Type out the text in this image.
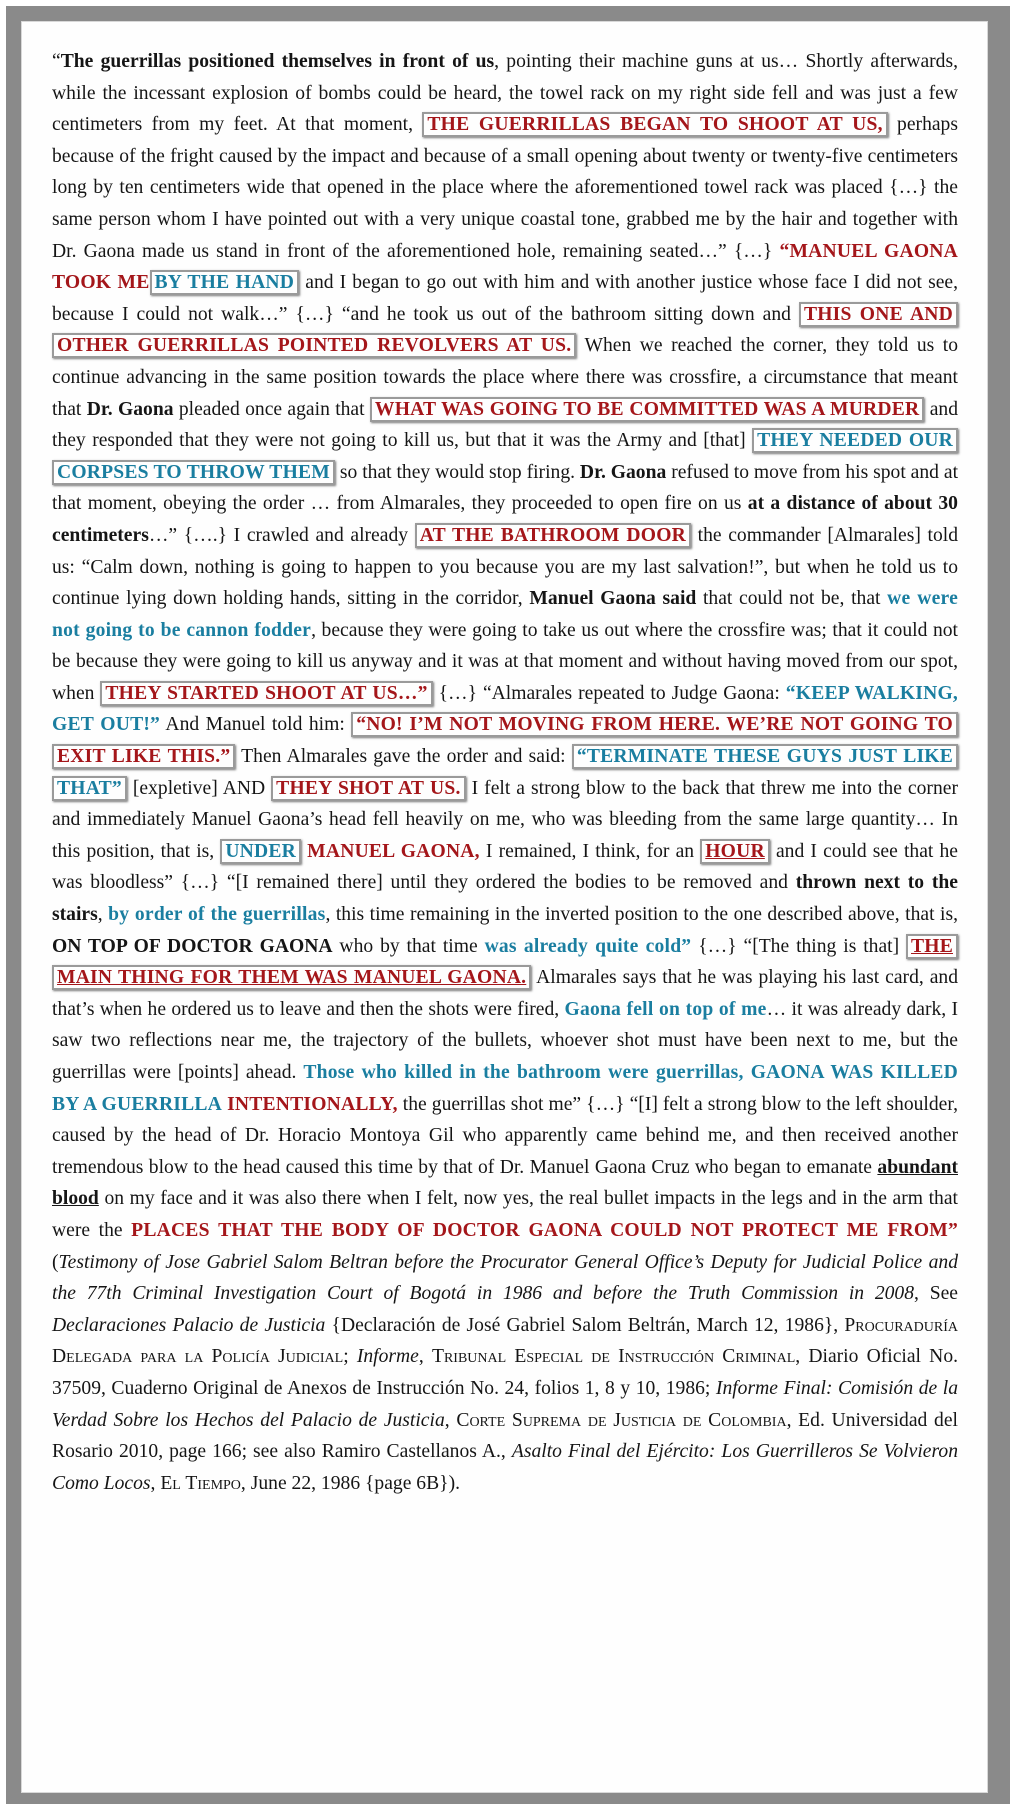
“The guerrillas positioned themselves in front of us, pointing their machine guns at us… Shortly afterwards, while the incessant explosion of bombs could be heard, the towel rack on my right side fell and was just a few centimeters from my feet. At that moment, THE GUERRILLAS BEGAN TO SHOOT AT US, perhaps because of the fright caused by the impact and because of a small opening about twenty or twenty-five centimeters long by ten centimeters wide that opened in the place where the aforementioned towel rack was placed {…} the same person whom I have pointed out with a very unique coastal tone, grabbed me by the hair and together with Dr. Gaona made us stand in front of the aforementioned hole, remaining seated…” {…} “MANUEL GAONA TOOK ME BY THE HAND and I began to go out with him and with another justice whose face I did not see, because I could not walk…” {…} “and he took us out of the bathroom sitting down and THIS ONE AND OTHER GUERRILLAS POINTED REVOLVERS AT US. When we reached the corner, they told us to continue advancing in the same position towards the place where there was crossfire, a circumstance that meant that Dr. Gaona pleaded once again that WHAT WAS GOING TO BE COMMITTED WAS A MURDER and they responded that they were not going to kill us, but that it was the Army and [that] THEY NEEDED OUR CORPSES TO THROW THEM so that they would stop firing. Dr. Gaona refused to move from his spot and at that moment, obeying the order … from Almarales, they proceeded to open fire on us at a distance of about 30 centimeters…” {….} I crawled and already AT THE BATHROOM DOOR the commander [Almarales] told us: “Calm down, nothing is going to happen to you because you are my last salvation!”, but when he told us to continue lying down holding hands, sitting in the corridor, Manuel Gaona said that could not be, that we were not going to be cannon fodder, because they were going to take us out where the crossfire was; that it could not be because they were going to kill us anyway and it was at that moment and without having moved from our spot, when THEY STARTED SHOOT AT US…” {…} “Almarales repeated to Judge Gaona: “KEEP WALKING, GET OUT!” And Manuel told him: “NO! I’M NOT MOVING FROM HERE. WE’RE NOT GOING TO EXIT LIKE THIS.” Then Almarales gave the order and said: “TERMINATE THESE GUYS JUST LIKE THAT” [expletive] AND THEY SHOT AT US. I felt a strong blow to the back that threw me into the corner and immediately Manuel Gaona’s head fell heavily on me, who was bleeding from the same large quantity… In this position, that is, UNDER MANUEL GAONA, I remained, I think, for an HOUR and I could see that he was bloodless” {…} “[I remained there] until they ordered the bodies to be removed and thrown next to the stairs, by order of the guerrillas, this time remaining in the inverted position to the one described above, that is, ON TOP OF DOCTOR GAONA who by that time was already quite cold” {…} “[The thing is that] THE MAIN THING FOR THEM WAS MANUEL GAONA. Almarales says that he was playing his last card, and that’s when he ordered us to leave and then the shots were fired, Gaona fell on top of me… it was already dark, I saw two reflections near me, the trajectory of the bullets, whoever shot must have been next to me, but the guerrillas were [points] ahead. Those who killed in the bathroom were guerrillas, GAONA WAS KILLED BY A GUERRILLA INTENTIONALLY, the guerrillas shot me” {…} “[I] felt a strong blow to the left shoulder, caused by the head of Dr. Horacio Montoya Gil who apparently came behind me, and then received another tremendous blow to the head caused this time by that of Dr. Manuel Gaona Cruz who began to emanate abundant blood on my face and it was also there when I felt, now yes, the real bullet impacts in the legs and in the arm that were the PLACES THAT THE BODY OF DOCTOR GAONA COULD NOT PROTECT ME FROM” (Testimony of Jose Gabriel Salom Beltran before the Procurator General Office’s Deputy for Judicial Police and the 77th Criminal Investigation Court of Bogotá in 1986 and before the Truth Commission in 2008, See Declaraciones Palacio de Justicia {Declaración de José Gabriel Salom Beltrán, March 12, 1986}, Procuraduría Delegada para la Policía Judicial; Informe, Tribunal Especial de Instrucción Criminal, Diario Oficial No. 37509, Cuaderno Original de Anexos de Instrucción No. 24, folios 1, 8 y 10, 1986; Informe Final: Comisión de la Verdad Sobre los Hechos del Palacio de Justicia, Corte Suprema de Justicia de Colombia, Ed. Universidad del Rosario 2010, page 166; see also Ramiro Castellanos A., Asalto Final del Ejército: Los Guerrilleros Se Volvieron Como Locos, El Tiempo, June 22, 1986 {page 6B}).
